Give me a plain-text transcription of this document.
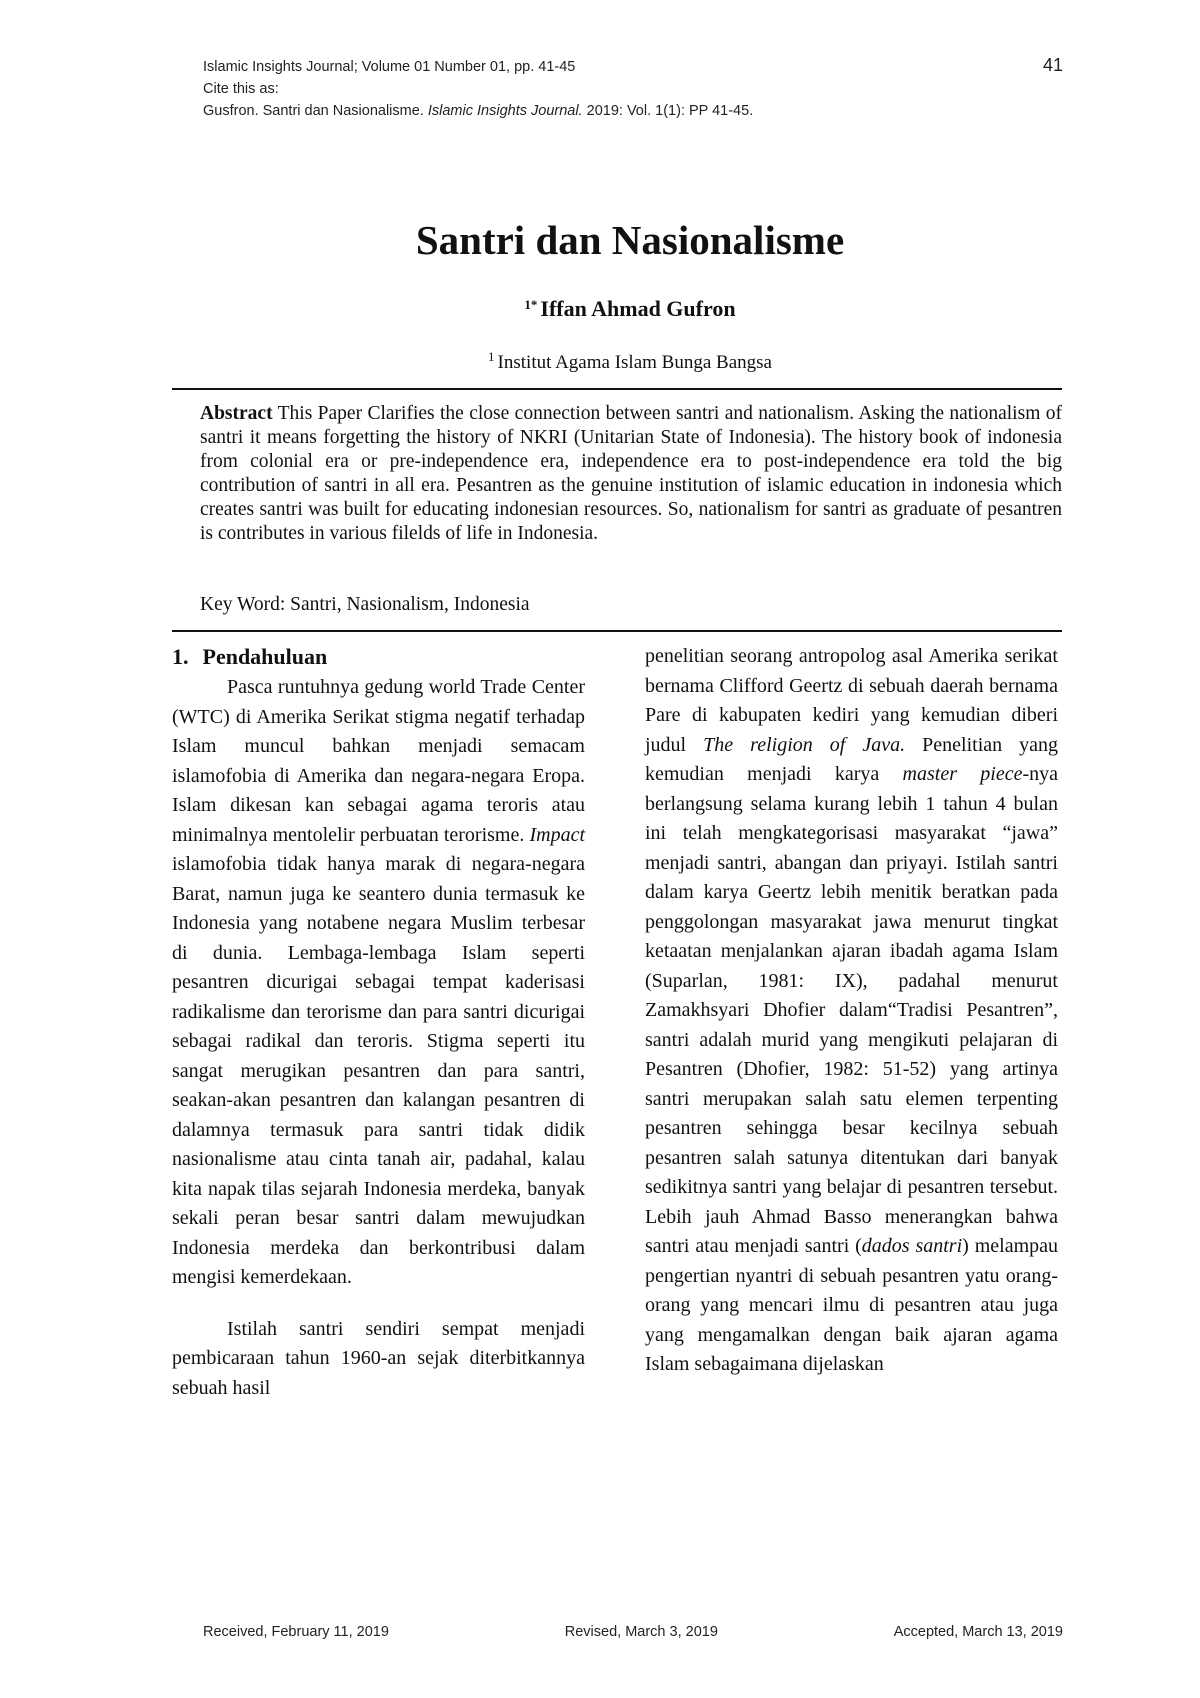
Islamic Insights Journal; Volume 01 Number 01, pp. 41-45	41
Cite this as:
Gusfron. Santri dan Nasionalisme. Islamic Insights Journal. 2019: Vol. 1(1): PP 41-45.
Santri dan Nasionalisme
$^{1*}$ Iffan Ahmad Gufron
$^1$ Institut Agama Islam Bunga Bangsa
Abstract This Paper Clarifies the close connection between santri and nationalism. Asking the nationalism of santri it means forgetting the history of NKRI (Unitarian State of Indonesia). The history book of indonesia from colonial era or pre-independence era, independence era to post-independence era told the big contribution of santri in all era. Pesantren as the genuine institution of islamic education in indonesia which creates santri was built for educating indonesian resources. So, nationalism for santri as graduate of pesantren is contributes in various filelds of life in Indonesia.
Key Word: Santri, Nasionalism, Indonesia
1. Pendahuluan

Pasca runtuhnya gedung world Trade Center (WTC) di Amerika Serikat stigma negatif terhadap Islam muncul bahkan menjadi semacam islamofobia di Amerika dan negara-negara Eropa. Islam dikesan kan sebagai agama teroris atau minimalnya mentolelir perbuatan terorisme. Impact islamofobia tidak hanya marak di negara-negara Barat, namun juga ke seantero dunia termasuk ke Indonesia yang notabene negara Muslim terbesar di dunia. Lembaga-lembaga Islam seperti pesantren dicurigai sebagai tempat kaderisasi radikalisme dan terorisme dan para santri dicurigai sebagai radikal dan teroris. Stigma seperti itu sangat merugikan pesantren dan para santri, seakan-akan pesantren dan kalangan pesantren di dalamnya termasuk para santri tidak didik nasionalisme atau cinta tanah air, padahal, kalau kita napak tilas sejarah Indonesia merdeka, banyak sekali peran besar santri dalam mewujudkan Indonesia merdeka dan berkontribusi dalam mengisi kemerdekaan.

Istilah santri sendiri sempat menjadi pembicaraan tahun 1960-an sejak diterbitkannya sebuah hasil

penelitian seorang antropolog asal Amerika serikat bernama Clifford Geertz di sebuah daerah bernama Pare di kabupaten kediri yang kemudian diberi judul The religion of Java. Penelitian yang kemudian menjadi karya master piece-nya berlangsung selama kurang lebih 1 tahun 4 bulan ini telah mengkategorisasi masyarakat “jawa” menjadi santri, abangan dan priyayi. Istilah santri dalam karya Geertz lebih menitik beratkan pada penggolongan masyarakat jawa menurut tingkat ketaatan menjalankan ajaran ibadah agama Islam (Suparlan, 1981: IX), padahal menurut Zamakhsyari Dhofier dalam“Tradisi Pesantren”, santri adalah murid yang mengikuti pelajaran di Pesantren (Dhofier, 1982: 51-52) yang artinya santri merupakan salah satu elemen terpenting pesantren sehingga besar kecilnya sebuah pesantren salah satunya ditentukan dari banyak sedikitnya santri yang belajar di pesantren tersebut. Lebih jauh Ahmad Basso menerangkan bahwa santri atau menjadi santri (dados santri) melampau pengertian nyantri di sebuah pesantren yatu orang-orang yang mencari ilmu di pesantren atau juga yang mengamalkan dengan baik ajaran agama Islam sebagaimana dijelaskan

Received, February 11, 2019	Revised, March 3, 2019	Accepted, March 13, 2019
